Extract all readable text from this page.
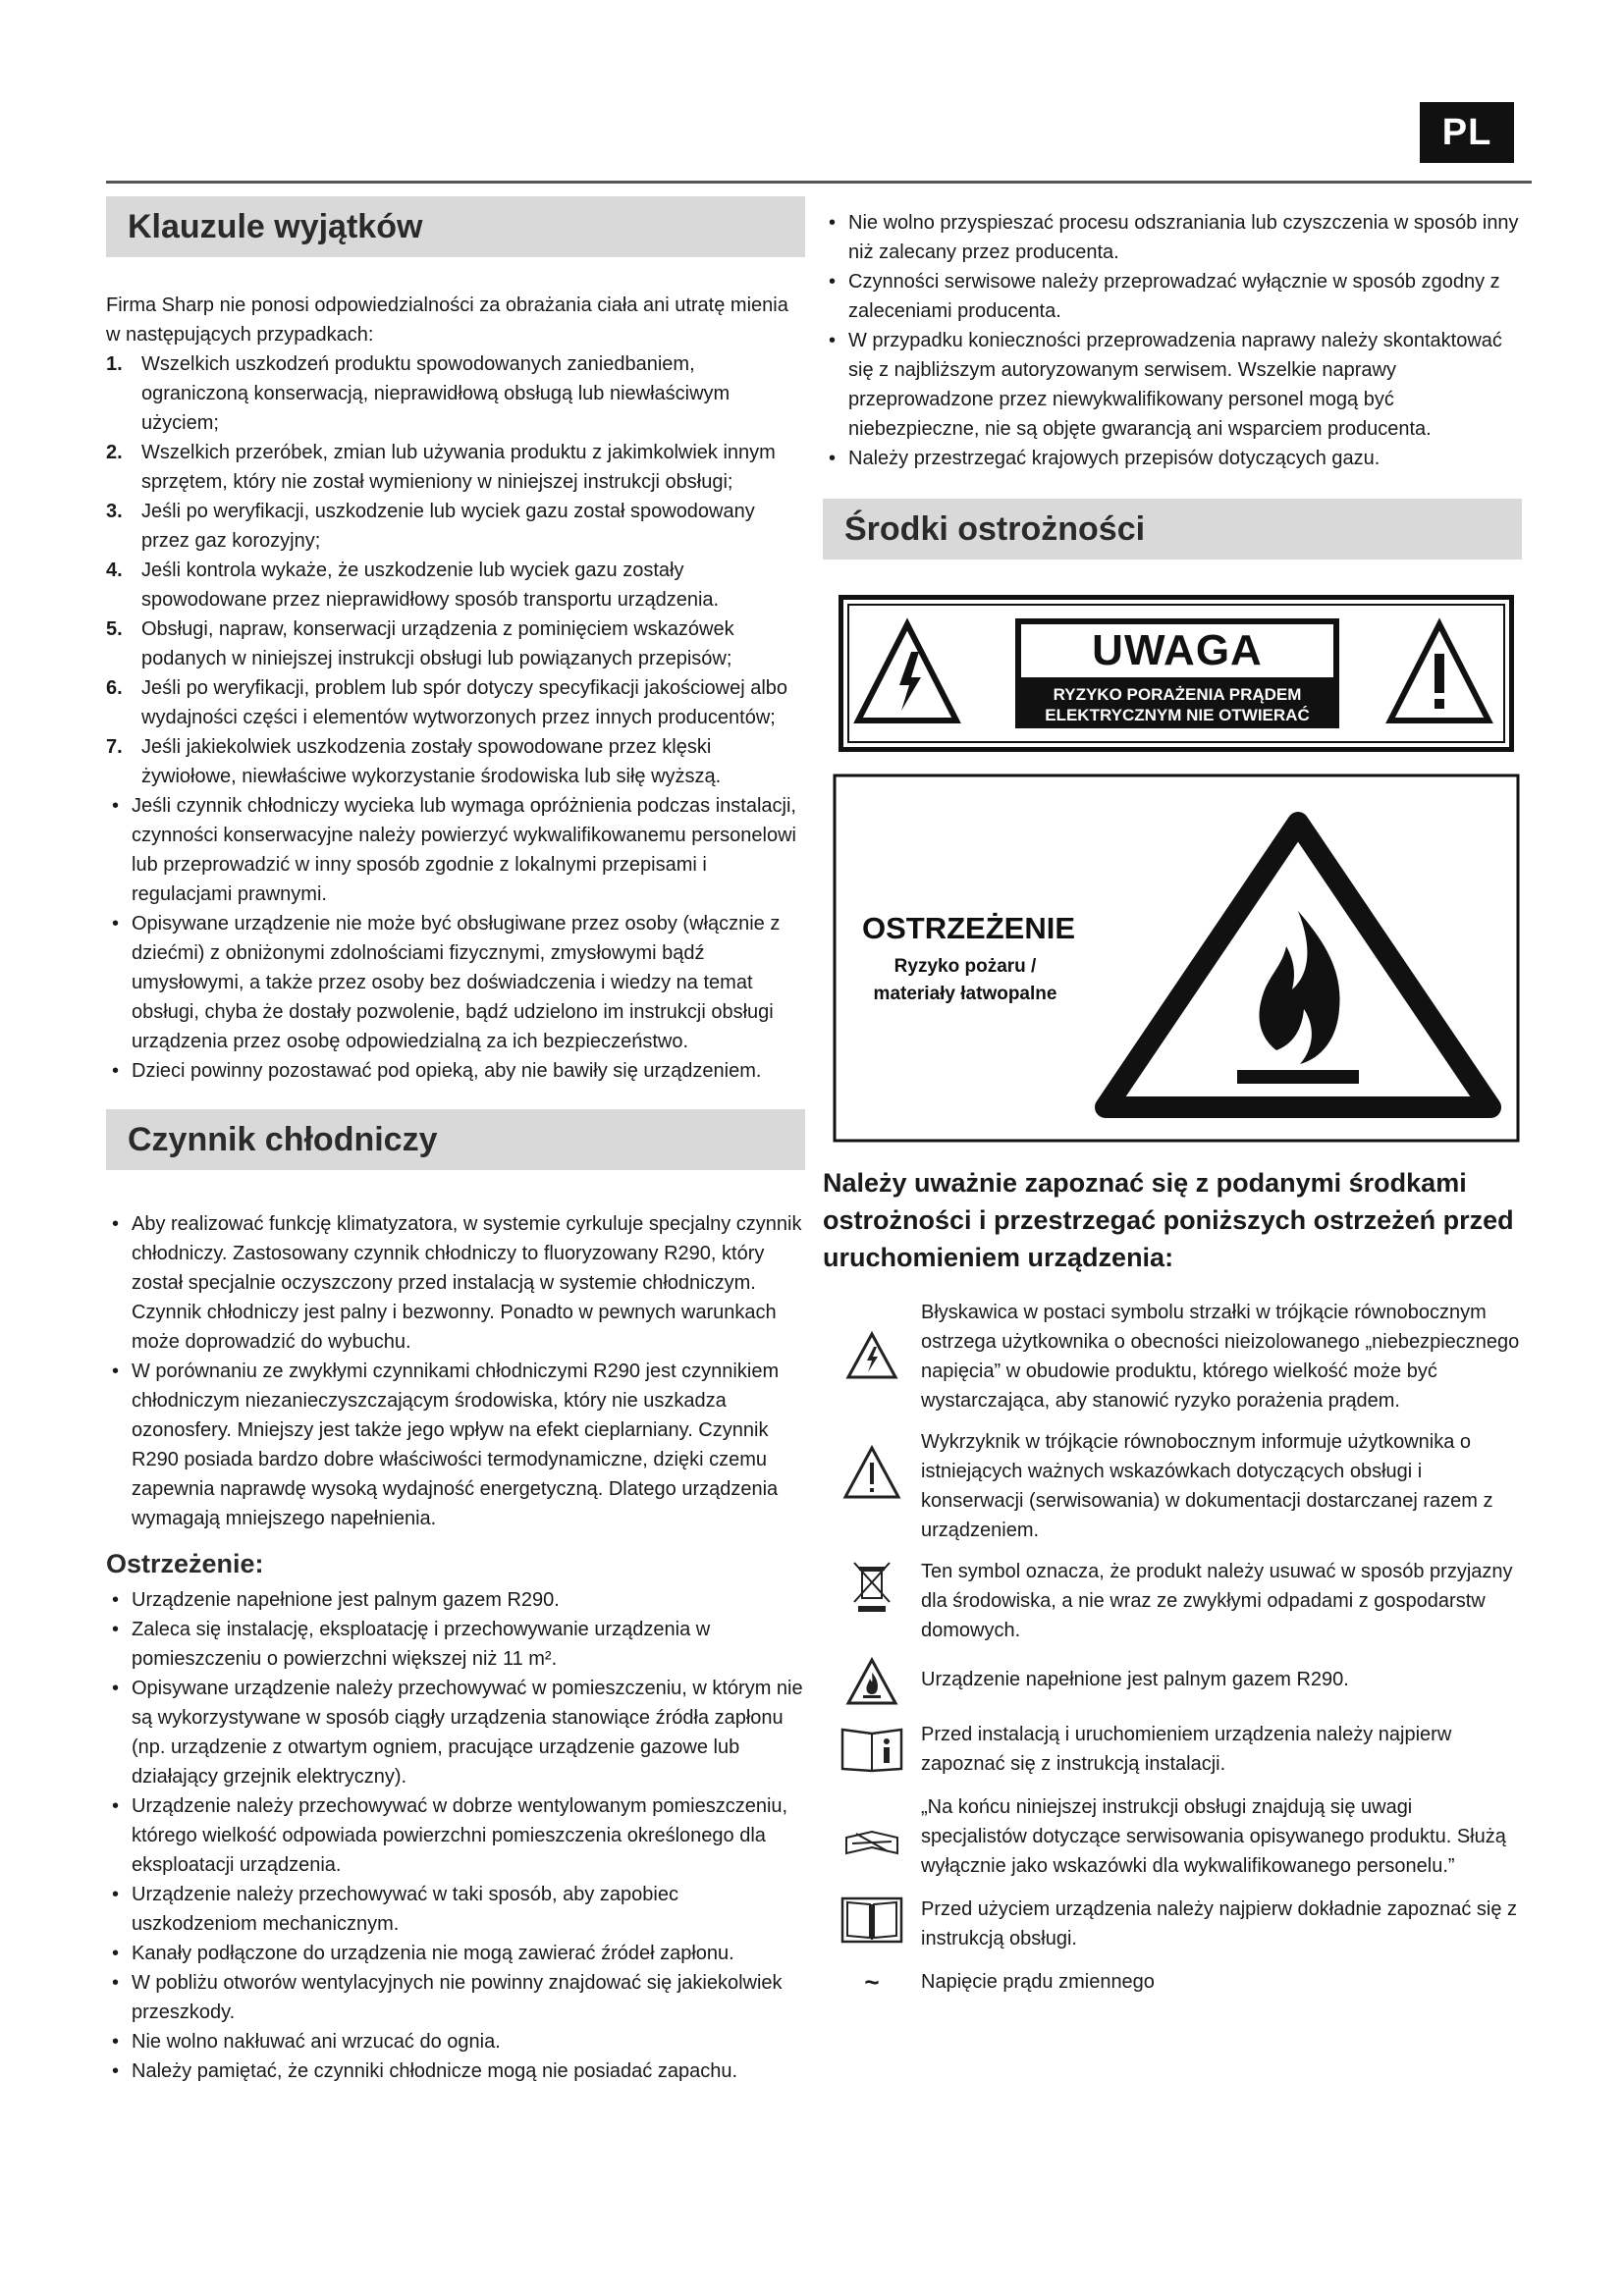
PL
Klauzule wyjątków

Firma Sharp nie ponosi odpowiedzialności za obrażania ciała ani utratę mienia w następujących przypadkach:

1. Wszelkich uszkodzeń produktu spowodowanych zaniedbaniem, ograniczoną konserwacją, nieprawidłową obsługą lub niewłaściwym użyciem;
2. Wszelkich przeróbek, zmian lub używania produktu z jakimkolwiek innym sprzętem, który nie został wymieniony w niniejszej instrukcji obsługi;
3. Jeśli po weryfikacji, uszkodzenie lub wyciek gazu został spowodowany przez gaz korozyjny;
4. Jeśli kontrola wykaże, że uszkodzenie lub wyciek gazu zostały spowodowane przez nieprawidłowy sposób transportu urządzenia.
5. Obsługi, napraw, konserwacji urządzenia z pominięciem wskazówek podanych w niniejszej instrukcji obsługi lub powiązanych przepisów;
6. Jeśli po weryfikacji, problem lub spór dotyczy specyfikacji jakościowej albo wydajności części i elementów wytworzonych przez innych producentów;
7. Jeśli jakiekolwiek uszkodzenia zostały spowodowane przez klęski żywiołowe, niewłaściwe wykorzystanie środowiska lub siłę wyższą.
• Jeśli czynnik chłodniczy wycieka lub wymaga opróżnienia podczas instalacji, czynności konserwacyjne należy powierzyć wykwalifikowanemu personelowi lub przeprowadzić w inny sposób zgodnie z lokalnymi przepisami i regulacjami prawnymi.
• Opisywane urządzenie nie może być obsługiwane przez osoby (włącznie z dziećmi) z obniżonymi zdolnościami fizycznymi, zmysłowymi bądź umysłowymi, a także przez osoby bez doświadczenia i wiedzy na temat obsługi, chyba że dostały pozwolenie, bądź udzielono im instrukcji obsługi urządzenia przez osobę odpowiedzialną za ich bezpieczeństwo.
• Dzieci powinny pozostawać pod opieką, aby nie bawiły się urządzeniem.
Czynnik chłodniczy
• Aby realizować funkcję klimatyzatora, w systemie cyrkuluje specjalny czynnik chłodniczy. Zastosowany czynnik chłodniczy to fluoryzowany R290, który został specjalnie oczyszczony przed instalacją w systemie chłodniczym. Czynnik chłodniczy jest palny i bezwonny. Ponadto w pewnych warunkach może doprowadzić do wybuchu.
• W porównaniu ze zwykłymi czynnikami chłodniczymi R290 jest czynnikiem chłodniczym niezanieczyszczającym środowiska, który nie uszkadza ozonosfery. Mniejszy jest także jego wpływ na efekt cieplarniany. Czynnik R290 posiada bardzo dobre właściwości termodynamiczne, dzięki czemu zapewnia naprawdę wysoką wydajność energetyczną. Dlatego urządzenia wymagają mniejszego napełnienia.
Ostrzeżenie:
• Urządzenie napełnione jest palnym gazem R290.
• Zaleca się instalację, eksploatację i przechowywanie urządzenia w pomieszczeniu o powierzchni większej niż 11 m².
• Opisywane urządzenie należy przechowywać w pomieszczeniu, w którym nie są wykorzystywane w sposób ciągły urządzenia stanowiące źródła zapłonu (np. urządzenie z otwartym ogniem, pracujące urządzenie gazowe lub działający grzejnik elektryczny).
• Urządzenie należy przechowywać w dobrze wentylowanym pomieszczeniu, którego wielkość odpowiada powierzchni pomieszczenia określonego dla eksploatacji urządzenia.
• Urządzenie należy przechowywać w taki sposób, aby zapobiec uszkodzeniom mechanicznym.
• Kanały podłączone do urządzenia nie mogą zawierać źródeł zapłonu.
• W pobliżu otworów wentylacyjnych nie powinny znajdować się jakiekolwiek przeszkody.
• Nie wolno nakłuwać ani wrzucać do ognia.
• Należy pamiętać, że czynniki chłodnicze mogą nie posiadać zapachu.
• Nie wolno przyspieszać procesu odszraniania lub czyszczenia w sposób inny niż zalecany przez producenta.
• Czynności serwisowe należy przeprowadzać wyłącznie w sposób zgodny z zaleceniami producenta.
• W przypadku konieczności przeprowadzenia naprawy należy skontaktować się z najbliższym autoryzowanym serwisem. Wszelkie naprawy przeprowadzone przez niewykwalifikowany personel mogą być niebezpieczne, nie są objęte gwarancją ani wsparciem producenta.
• Należy przestrzegać krajowych przepisów dotyczących gazu.
Środki ostrożności
UWAGA
RYZYKO PORAŻENIA PRĄDEM
ELEKTRYCZNYM NIE OTWIERAĆ
OSTRZEŻENIE
Ryzyko pożaru /
materiały łatwopalne

Należy uważnie zapoznać się z podanymi środkami ostrożności i przestrzegać poniższych ostrzeżeń przed uruchomieniem urządzenia:

Błyskawica w postaci symbolu strzałki w trójkącie równobocznym ostrzega użytkownika o obecności nieizolowanego „niebezpiecznego napięcia” w obudowie produktu, którego wielkość może być wystarczająca, aby stanowić ryzyko porażenia prądem.
Wykrzyknik w trójkącie równobocznym informuje użytkownika o istniejących ważnych wskazówkach dotyczących obsługi i konserwacji (serwisowania) w dokumentacji dostarczanej razem z urządzeniem.
Ten symbol oznacza, że produkt należy usuwać w sposób przyjazny dla środowiska, a nie wraz ze zwykłymi odpadami z gospodarstw domowych.
Urządzenie napełnione jest palnym gazem R290.
Przed instalacją i uruchomieniem urządzenia należy najpierw zapoznać się z instrukcją instalacji.
„Na końcu niniejszej instrukcji obsługi znajdują się uwagi specjalistów dotyczące serwisowania opisywanego produktu. Służą wyłącznie jako wskazówki dla wykwalifikowanego personelu.”
Przed użyciem urządzenia należy najpierw dokładnie zapoznać się z instrukcją obsługi.
~	Napięcie prądu zmiennego
